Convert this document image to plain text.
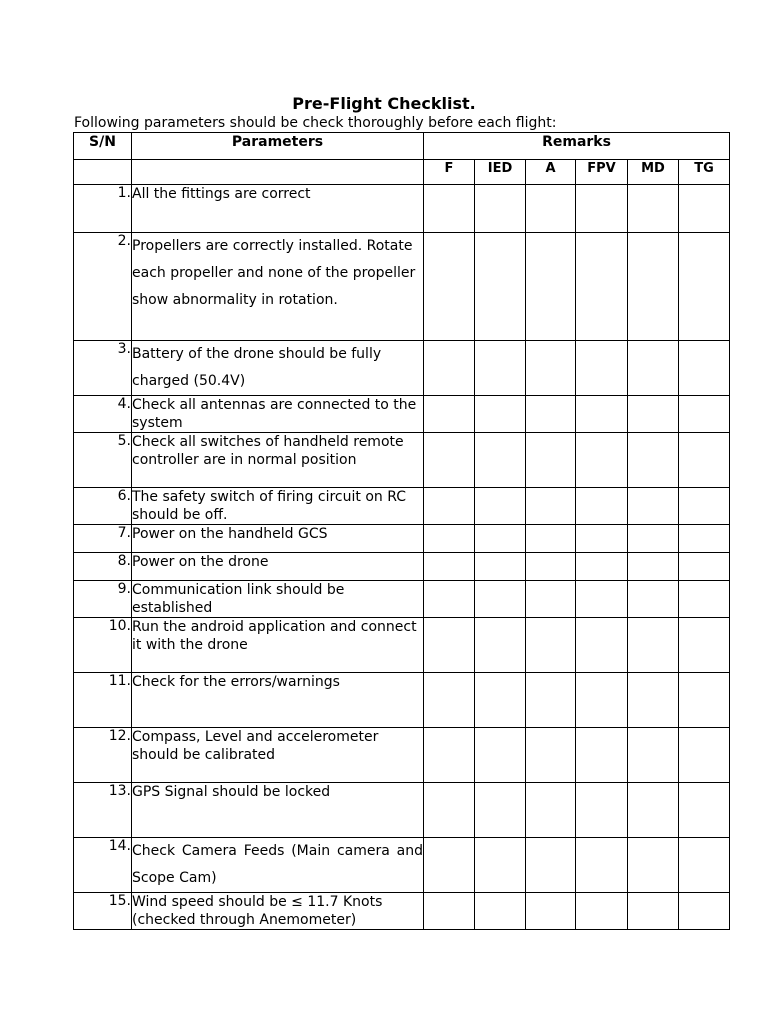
Pre-Flight Checklist.
Following parameters should be check thoroughly before each flight:
S/N	Parameters	Remarks					
		F	IED	A	FPV	MD	TG
1.	All the fittings are correct						
2.	Propellers are correctly installed. Rotate each propeller and none of the propeller show abnormality in rotation.						
3.	Battery of the drone should be fully charged (50.4V)						
4.	Check all antennas are connected to the system						
5.	Check all switches of handheld remote controller are in normal position						
6.	The safety switch of firing circuit on RC should be off.						
7.	Power on the handheld GCS						
8.	Power on the drone						
9.	Communication link should be established						
10.	Run the android application and connect it with the drone						
11.	Check for the errors/warnings						
12.	Compass, Level and accelerometer should be calibrated						
13.	GPS Signal should be locked						
14.	Check Camera Feeds (Main camera and Scope Cam)						
15.	Wind speed should be ≤ 11.7 Knots (checked through Anemometer)						
